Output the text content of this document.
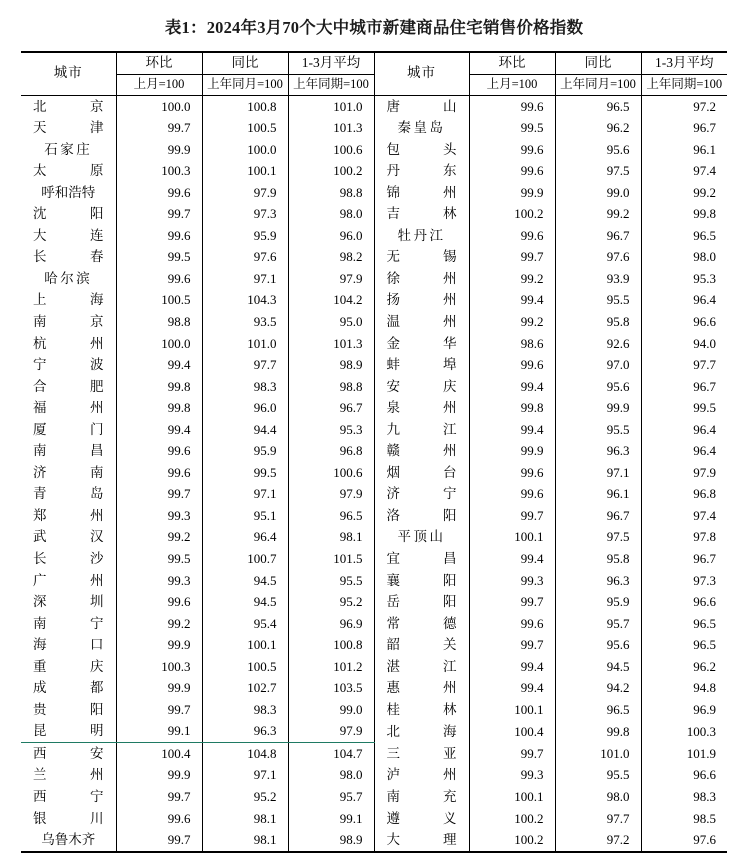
表1：2024年3月70个大中城市新建商品住宅销售价格指数
城市	环比	同比	1-3月平均	城市	环比	同比	1-3月平均
	上月=100	上年同月=100	上年同期=100		上月=100	上年同月=100	上年同期=100

北 京	100.0	100.8	101.0	唐 山	99.6	96.5	97.2

天 津	99.7	100.5	101.3	秦皇岛	99.5	96.2	96.7

石家庄	99.9	100.0	100.6	包 头	99.6	95.6	96.1

太 原	100.3	100.1	100.2	丹 东	99.6	97.5	97.4

呼和浩特	99.6	97.9	98.8	锦 州	99.9	99.0	99.2

沈 阳	99.7	97.3	98.0	吉 林	100.2	99.2	99.8

大 连	99.6	95.9	96.0	牡丹江	99.6	96.7	96.5

长 春	99.5	97.6	98.2	无 锡	99.7	97.6	98.0

哈尔滨	99.6	97.1	97.9	徐 州	99.2	93.9	95.3

上 海	100.5	104.3	104.2	扬 州	99.4	95.5	96.4

南 京	98.8	93.5	95.0	温 州	99.2	95.8	96.6

杭 州	100.0	101.0	101.3	金 华	98.6	92.6	94.0

宁 波	99.4	97.7	98.9	蚌 埠	99.6	97.0	97.7

合 肥	99.8	98.3	98.8	安 庆	99.4	95.6	96.7

福 州	99.8	96.0	96.7	泉 州	99.8	99.9	99.5

厦 门	99.4	94.4	95.3	九 江	99.4	95.5	96.4

南 昌	99.6	95.9	96.8	赣 州	99.9	96.3	96.4

济 南	99.6	99.5	100.6	烟 台	99.6	97.1	97.9

青 岛	99.7	97.1	97.9	济 宁	99.6	96.1	96.8

郑 州	99.3	95.1	96.5	洛 阳	99.7	96.7	97.4

武 汉	99.2	96.4	98.1	平顶山	100.1	97.5	97.8

长 沙	99.5	100.7	101.5	宜 昌	99.4	95.8	96.7

广 州	99.3	94.5	95.5	襄 阳	99.3	96.3	97.3

深 圳	99.6	94.5	95.2	岳 阳	99.7	95.9	96.6

南 宁	99.2	95.4	96.9	常 德	99.6	95.7	96.5

海 口	99.9	100.1	100.8	韶 关	99.7	95.6	96.5

重 庆	100.3	100.5	101.2	湛 江	99.4	94.5	96.2

成 都	99.9	102.7	103.5	惠 州	99.4	94.2	94.8

贵 阳	99.7	98.3	99.0	桂 林	100.1	96.5	96.9

昆 明	99.1	96.3	97.9	北 海	100.4	99.8	100.3

西 安	100.4	104.8	104.7	三 亚	99.7	101.0	101.9

兰 州	99.9	97.1	98.0	泸 州	99.3	95.5	96.6

西 宁	99.7	95.2	95.7	南 充	100.1	98.0	98.3

银 川	99.6	98.1	99.1	遵 义	100.2	97.7	98.5

乌鲁木齐	99.7	98.1	98.9	大 理	100.2	97.2	97.6
